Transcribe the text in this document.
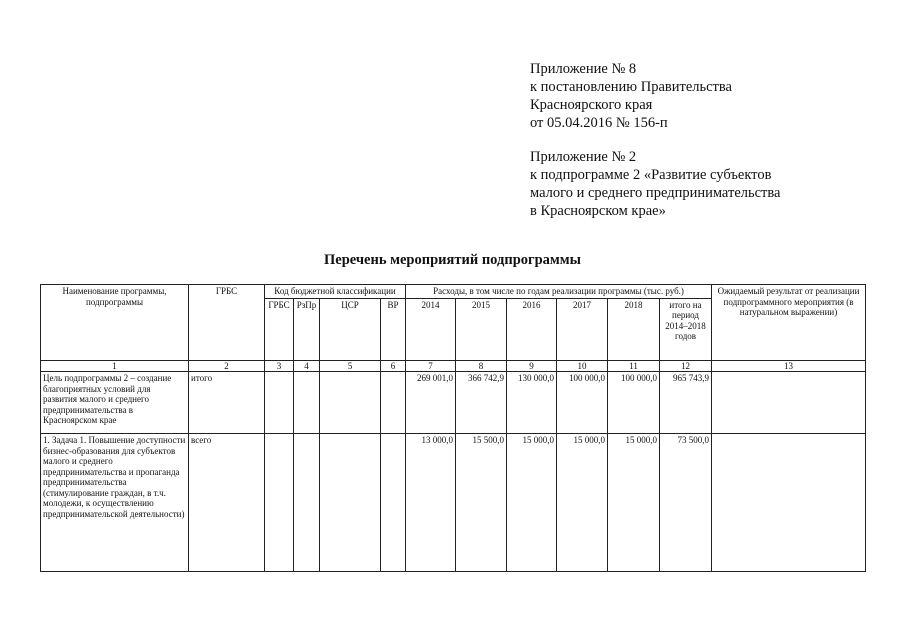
Приложение № 8
к постановлению Правительства
Красноярского края
от 05.04.2016 № 156-п
Приложение № 2
к подпрограмме 2 «Развитие субъектов
малого и среднего предпринимательства
в Красноярском крае»
Перечень мероприятий подпрограммы
Наименование программы, подпрограммы	ГРБС	Код бюджетной классификации				Расходы, в том числе по годам реализации программы (тыс. руб.)						Ожидаемый результат от реализации подпрограммного мероприятия (в натуральном выражении)
		ГРБС	РзПр	ЦСР	ВР	2014	2015	2016	2017	2018	итого на период 2014–2018 годов	
1	2	3	4	5	6	7	8	9	10	11	12	13
Цель подпрограммы 2 – создание благоприятных условий для развития малого и среднего предпринимательства в Красноярском крае	итого					269 001,0	366 742,9	130 000,0	100 000,0	100 000,0	965 743,9	
1. Задача 1. Повышение доступности бизнес-образования для субъектов малого и среднего предпринимательства и пропаганда предпринимательства (стимулирование граждан, в т.ч. молодежи, к осуществлению предпринимательской деятельности)	всего					13 000,0	15 500,0	15 000,0	15 000,0	15 000,0	73 500,0	
